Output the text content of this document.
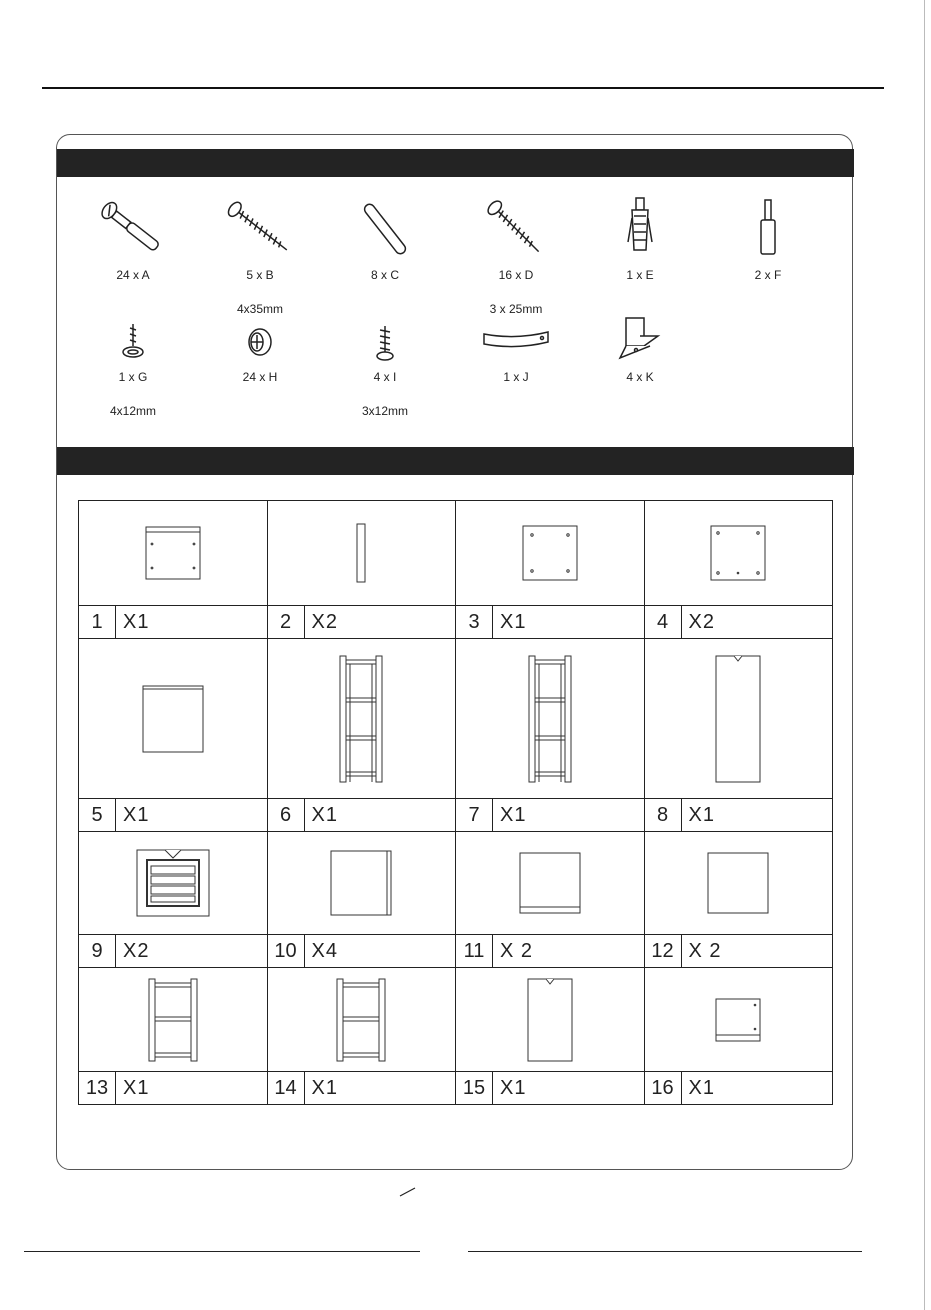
24 x A	5 x B
4x35mm
8 x C	16 x D
3 x 25mm
1 x E	2 x F
1 x G
4x12mm
24 x H	4 x I
3x12mm
1 x J	4 x K

1 X1	2 X2	3 X1	4 X2

5 X1	6 X1	7 X1	8 X1

9 X2	10 X4	11 X 2	12 X 2

13 X1	14 X1	15 X1	16 X1
